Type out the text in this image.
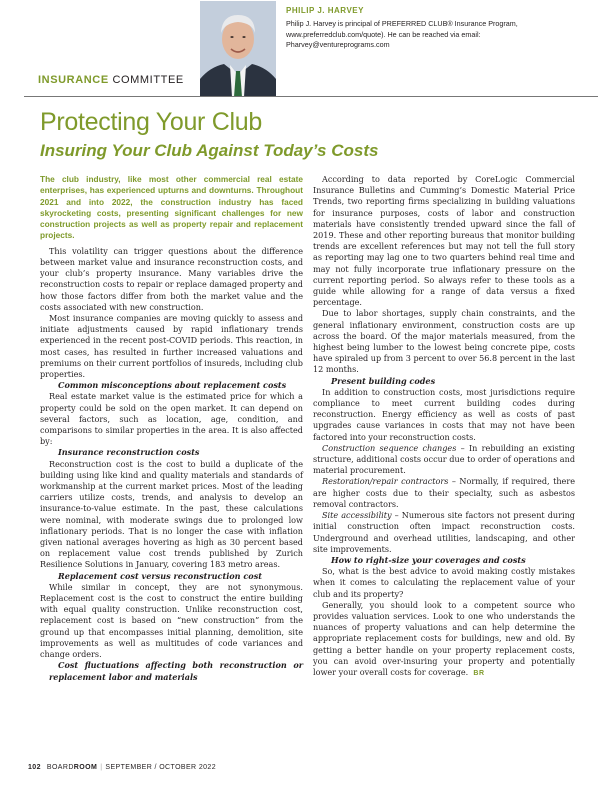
PHILIP J. HARVEY
Philip J. Harvey is principal of PREFERRED CLUB® Insurance Program, www.preferredclub.com/quote). He can be reached via email: Pharvey@ventureprograms.com
INSURANCE COMMITTEE
Protecting Your Club
Insuring Your Club Against Today’s Costs

The club industry, like most other commercial real estate enterprises, has experienced upturns and downturns. Throughout 2021 and into 2022, the construction industry has faced skyrocketing costs, presenting significant challenges for new construction projects as well as property repair and replacement projects.

This volatility can trigger questions about the difference between market value and insurance reconstruction costs, and your club’s property insurance. Many variables drive the reconstruction costs to repair or replace damaged property and how those factors differ from both the market value and the costs associated with new construction.

Most insurance companies are moving quickly to assess and initiate adjustments caused by rapid inflationary trends experienced in the recent post-COVID periods. This reaction, in most cases, has resulted in further increased valuations and premiums on their current portfolios of insureds, including club properties.

Common misconceptions about replacement costs

Real estate market value is the estimated price for which a property could be sold on the open market. It can depend on several factors, such as location, age, condition, and comparisons to similar properties in the area. It is also affected by:

Insurance reconstruction costs

Reconstruction cost is the cost to build a duplicate of the building using like kind and quality materials and standards of workmanship at the current market prices. Most of the leading carriers utilize costs, trends, and analysis to develop an insurance-to-value estimate. In the past, these calculations were nominal, with moderate swings due to prolonged low inflationary periods. That is no longer the case with inflation given national averages hovering as high as 30 percent based on replacement value cost trends published by Zurich Resilience Solutions in January, covering 183 metro areas.

Replacement cost versus reconstruction cost

While similar in concept, they are not synonymous. Replacement cost is the cost to construct the entire building with equal quality construction. Unlike reconstruction cost, replacement cost is based on “new construction” from the ground up that encompasses initial planning, demolition, site improvements as well as multitudes of code variances and change orders.

Cost fluctuations affecting both reconstruction or replacement labor and materials

According to data reported by CoreLogic Commercial Insurance Bulletins and Cumming’s Domestic Material Price Trends, two reporting firms specializing in building valuations for insurance purposes, costs of labor and construction materials have consistently trended upward since the fall of 2019. These and other reporting bureaus that monitor building trends are excellent references but may not tell the full story as reporting may lag one to two quarters behind real time and may not fully incorporate true inflationary pressure on the current reporting period. So always refer to these tools as a guide while allowing for a range of data versus a fixed percentage.

Due to labor shortages, supply chain constraints, and the general inflationary environment, construction costs are up across the board. Of the major materials measured, from the highest being lumber to the lowest being concrete pipe, costs have spiraled up from 3 percent to over 56.8 percent in the last 12 months.

Present building codes

In addition to construction costs, most jurisdictions require compliance to meet current building codes during reconstruction. Energy efficiency as well as costs of past upgrades cause variances in costs that may not have been factored into your reconstruction costs.

Construction sequence changes – In rebuilding an existing structure, additional costs occur due to order of operations and material procurement.

Restoration/repair contractors – Normally, if required, there are higher costs due to their specialty, such as asbestos removal contractors.

Site accessibility – Numerous site factors not present during initial construction often impact reconstruction costs. Underground and overhead utilities, landscaping, and other site improvements.

How to right-size your coverages and costs

So, what is the best advice to avoid making costly mistakes when it comes to calculating the replacement value of your club and its property?

Generally, you should look to a competent source who provides valuation services. Look to one who understands the nuances of property valuations and can help determine the appropriate replacement costs for buildings, new and old. By getting a better handle on your property replacement costs, you can avoid over-insuring your property and potentially lower your overall costs for coverage. BR

102 BOARDROOM | SEPTEMBER / OCTOBER 2022
